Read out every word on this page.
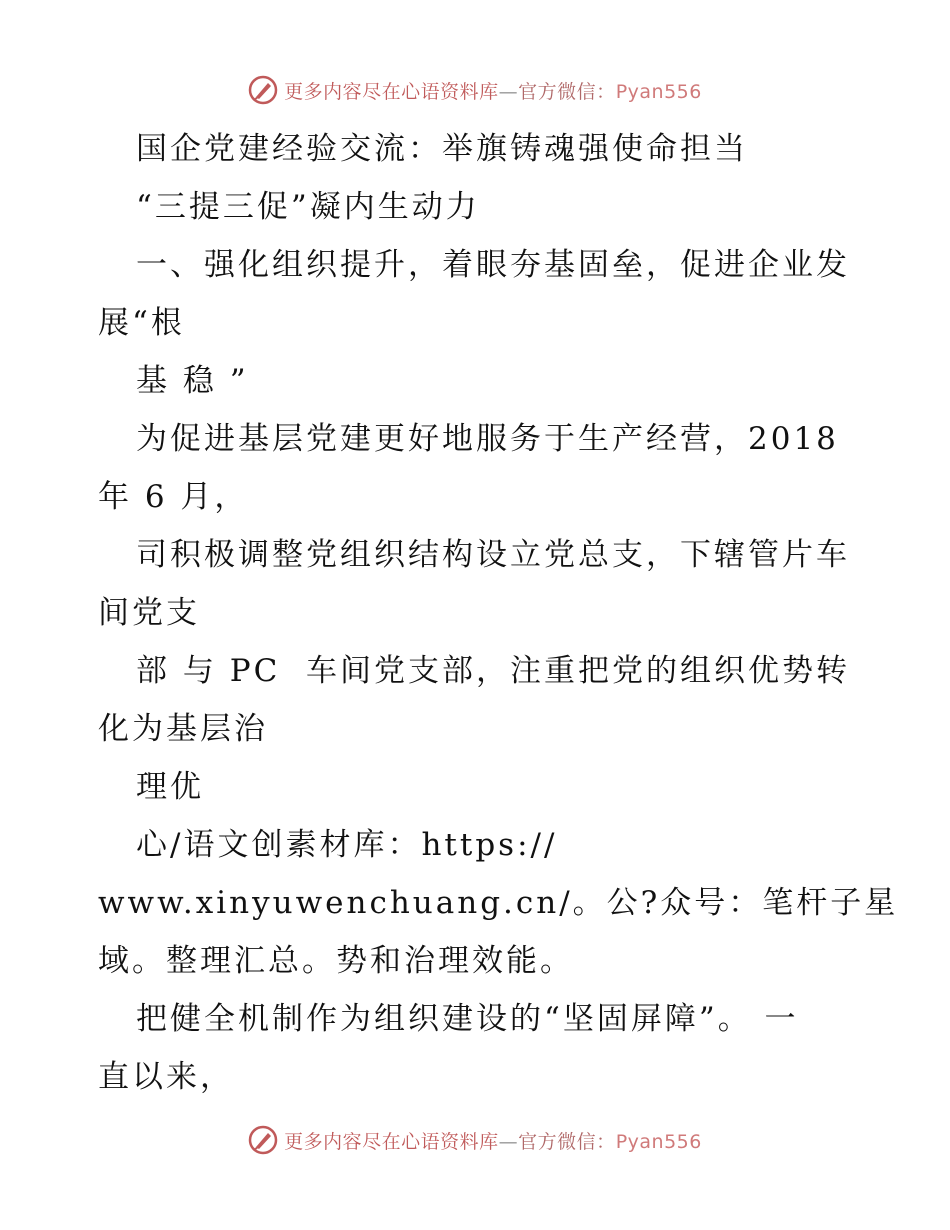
更多内容尽在心语资料库—官方微信：Pyan556
国企党建经验交流：举旗铸魂强使命担当
“三提三促”凝内生动力
一、强化组织提升，着眼夯基固垒，促进企业发
展“根
基 稳 ”
为促进基层党建更好地服务于生产经营，2018
年 6 月，
司积极调整党组织结构设立党总支，下辖管片车
间党支
部 与 PC  车间党支部，注重把党的组织优势转
化为基层治
理优
心/语文创素材库：https://
www.xinyuwenchuang.cn/。公?众号：笔杆子星
域。整理汇总。势和治理效能。
把健全机制作为组织建设的“坚固屏障”。 一
直以来，
更多内容尽在心语资料库—官方微信：Pyan556
